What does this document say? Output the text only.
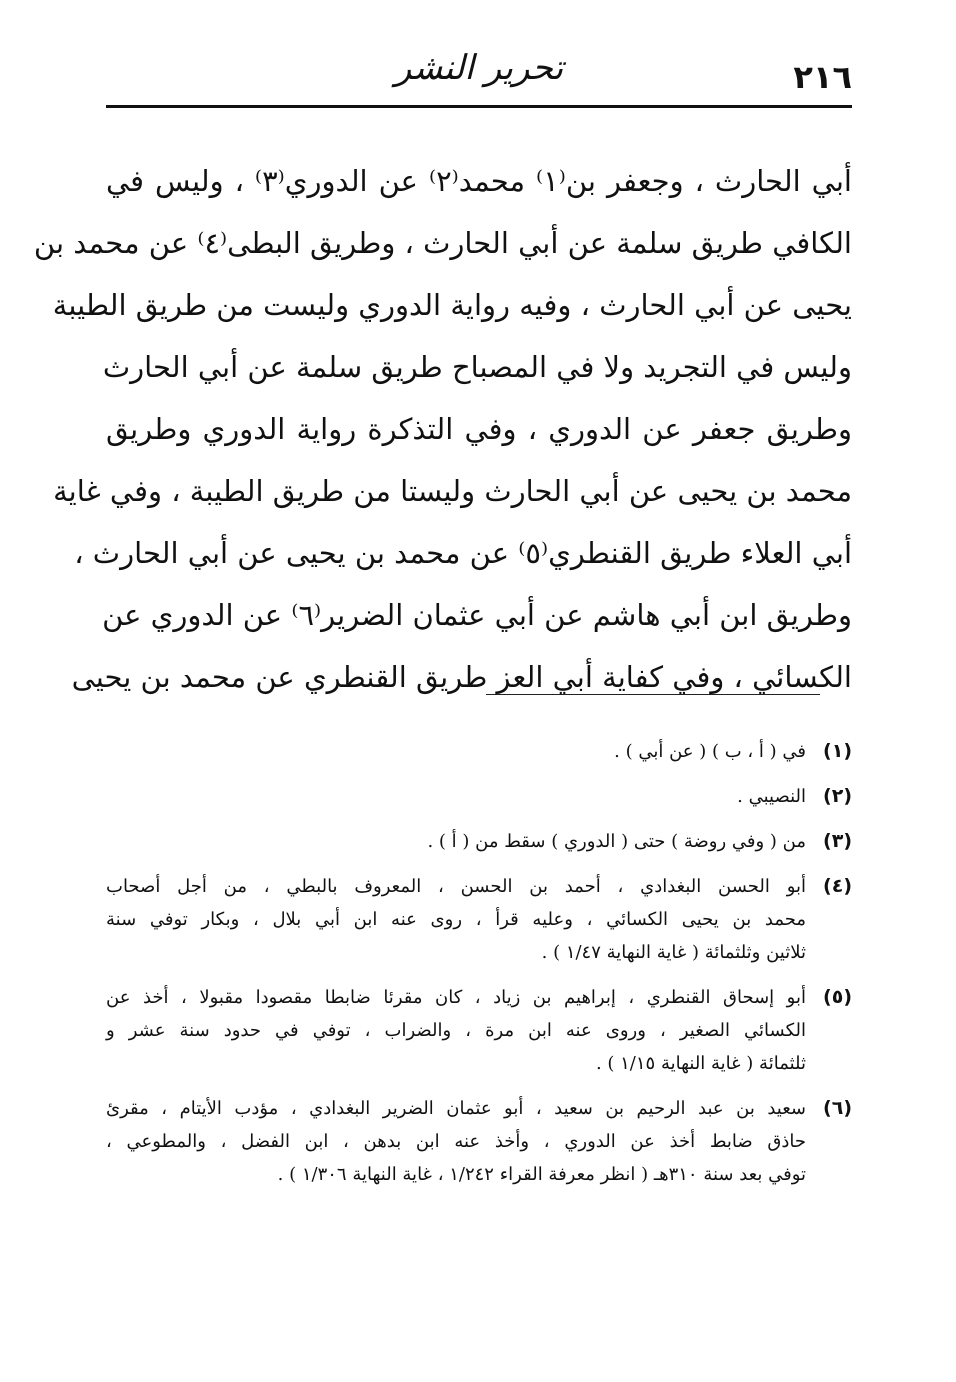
تحرير النشر	٢١٦
أبي الحارث ، وجعفر بن⁽١⁾ محمد⁽٢⁾ عن الدوري⁽٣⁾ ، وليس في
الكافي طريق سلمة عن أبي الحارث ، وطريق البطى⁽٤⁾ عن محمد بن
يحيى عن أبي الحارث ، وفيه رواية الدوري وليست من طريق الطيبة
وليس في التجريد ولا في المصباح طريق سلمة عن أبي الحارث
وطريق جعفر عن الدوري ، وفي التذكرة رواية الدوري وطريق
محمد بن يحيى عن أبي الحارث وليستا من طريق الطيبة ، وفي غاية
أبي العلاء طريق القنطري⁽٥⁾ عن محمد بن يحيى عن أبي الحارث ،
وطريق ابن أبي هاشم عن أبي عثمان الضرير⁽٦⁾ عن الدوري عن
الكسائي ، وفي كفاية أبي العز طريق القنطري عن محمد بن يحيى
(١)
في ( أ ، ب ) ( عن أبي ) .
(٢)
النصيبي .
(٣)
من ( وفي روضة ) حتى ( الدوري ) سقط من ( أ ) .
(٤)
أبو الحسن البغدادي ، أحمد بن الحسن ، المعروف بالبطي ، من أجل أصحاب
محمد بن يحيى الكسائي ، وعليه قرأ ، روى عنه ابن أبي بلال ، وبكار توفي سنة
ثلاثين وثلثمائة ( غاية النهاية ١/٤٧ ) .
(٥)
أبو إسحاق القنطري ، إبراهيم بن زياد ، كان مقرئا ضابطا مقصودا مقبولا ، أخذ عن
الكسائي الصغير ، وروى عنه ابن مرة ، والضراب ، توفي في حدود سنة عشر و
ثلثمائة ( غاية النهاية ١/١٥ ) .
(٦)
سعيد بن عبد الرحيم بن سعيد ، أبو عثمان الضرير البغدادي ، مؤدب الأيتام ، مقرئ
حاذق ضابط أخذ عن الدوري ، وأخذ عنه ابن بدهن ، ابن الفضل ، والمطوعي ،
توفي بعد سنة ٣١٠هـ ( انظر معرفة القراء ١/٢٤٢ ، غاية النهاية ١/٣٠٦ ) .
